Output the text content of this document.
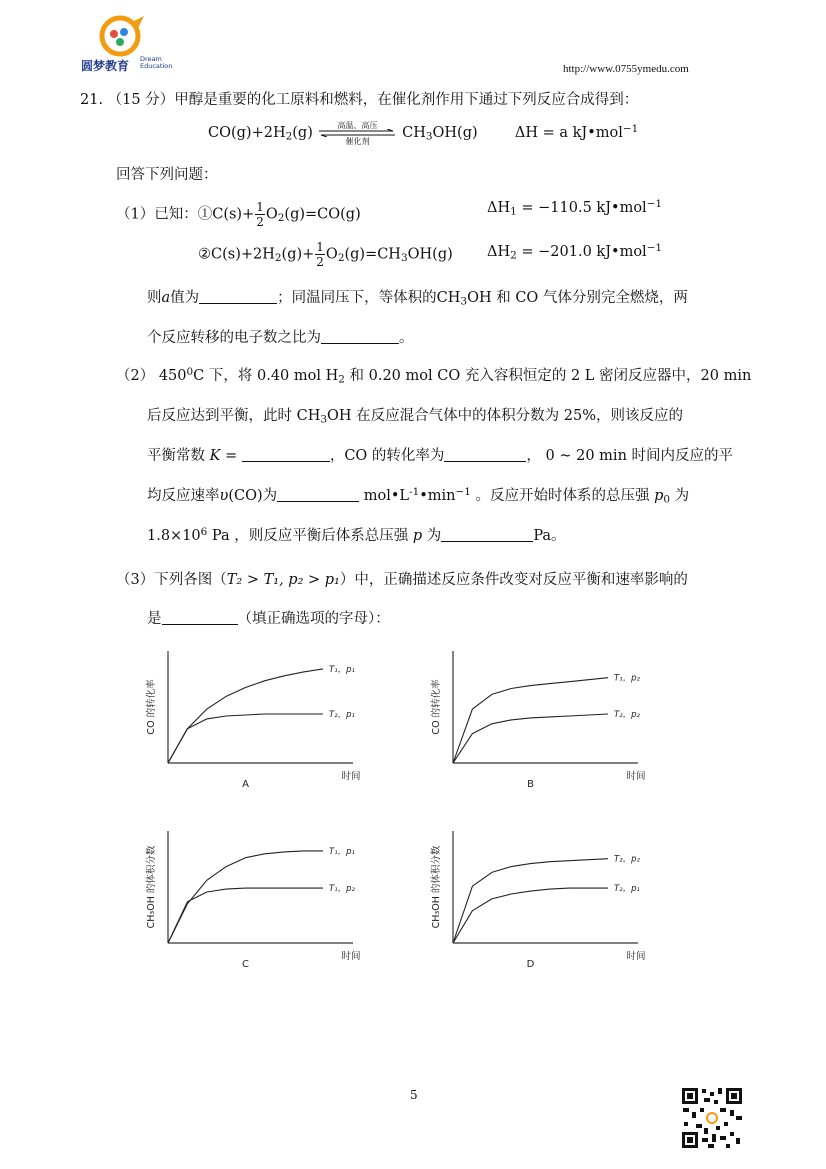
圆梦教育 Dream
Education	http://www.0755ymedu.com
21. （15 分）甲醇是重要的化工原料和燃料，在催化剂作用下通过下列反应合成得到：
$CO(g)+2H_2(g)$	高温、高压
催化剂
$CH_3OH(g)$	ΔH = a kJ•mol$^{-1}$
回答下列问题：
（1）已知：①C(s)+ $\frac{1}{2} O_2(g)=CO(g)$	$\Delta H_1 = -110.5$ kJ•mol$^{-1}$
$②C(s)+2H_2(g)+ \frac{1}{2} O_2(g)=CH_3OH(g) \Delta H_2 = -201.0$ kJ•mol$^{-1}$
则a值为	；同温同压下，等体积的$CH_3OH$ 和 CO 气体分别完全燃烧，两
个反应转移的电子数之比为	。
（2） $450^0C$ 下，将 0.40 mol $H_2$ 和 0.20 mol CO 充入容积恒定的 2 L 密闭反应器中，20 min
后反应达到平衡，此时 $CH_3OH$ 在反应混合气体中的体积分数为 25%，则该反应的
平衡常数 K =	，CO 的转化率为	， 0 ~ 20 min 时间内反应的平
均反应速率υ(CO)为	$mol•L^{-1}•\min^{-1}$ 。反应开始时体系的总压强 $p_0$ 为
$1.8\times 10^6$ Pa ，则反应平衡后体系总压强 p 为	Pa。
（3）下列各图（T₂ > T₁, p₂ > p₁）中，正确描述反应条件改变对反应平衡和速率影响的
是	（填正确选项的字母）：
CO 的转化率
时间
A
T₁，p₁
T₂，p₁	CO 的转化率
时间
B
T₁，p₂
T₂，p₂
CH₃OH 的体积分数
时间
C
T₁，p₁
T₁，p₂	CH₃OH 的体积分数
时间
D
T₂，p₂
T₂，p₁
5
